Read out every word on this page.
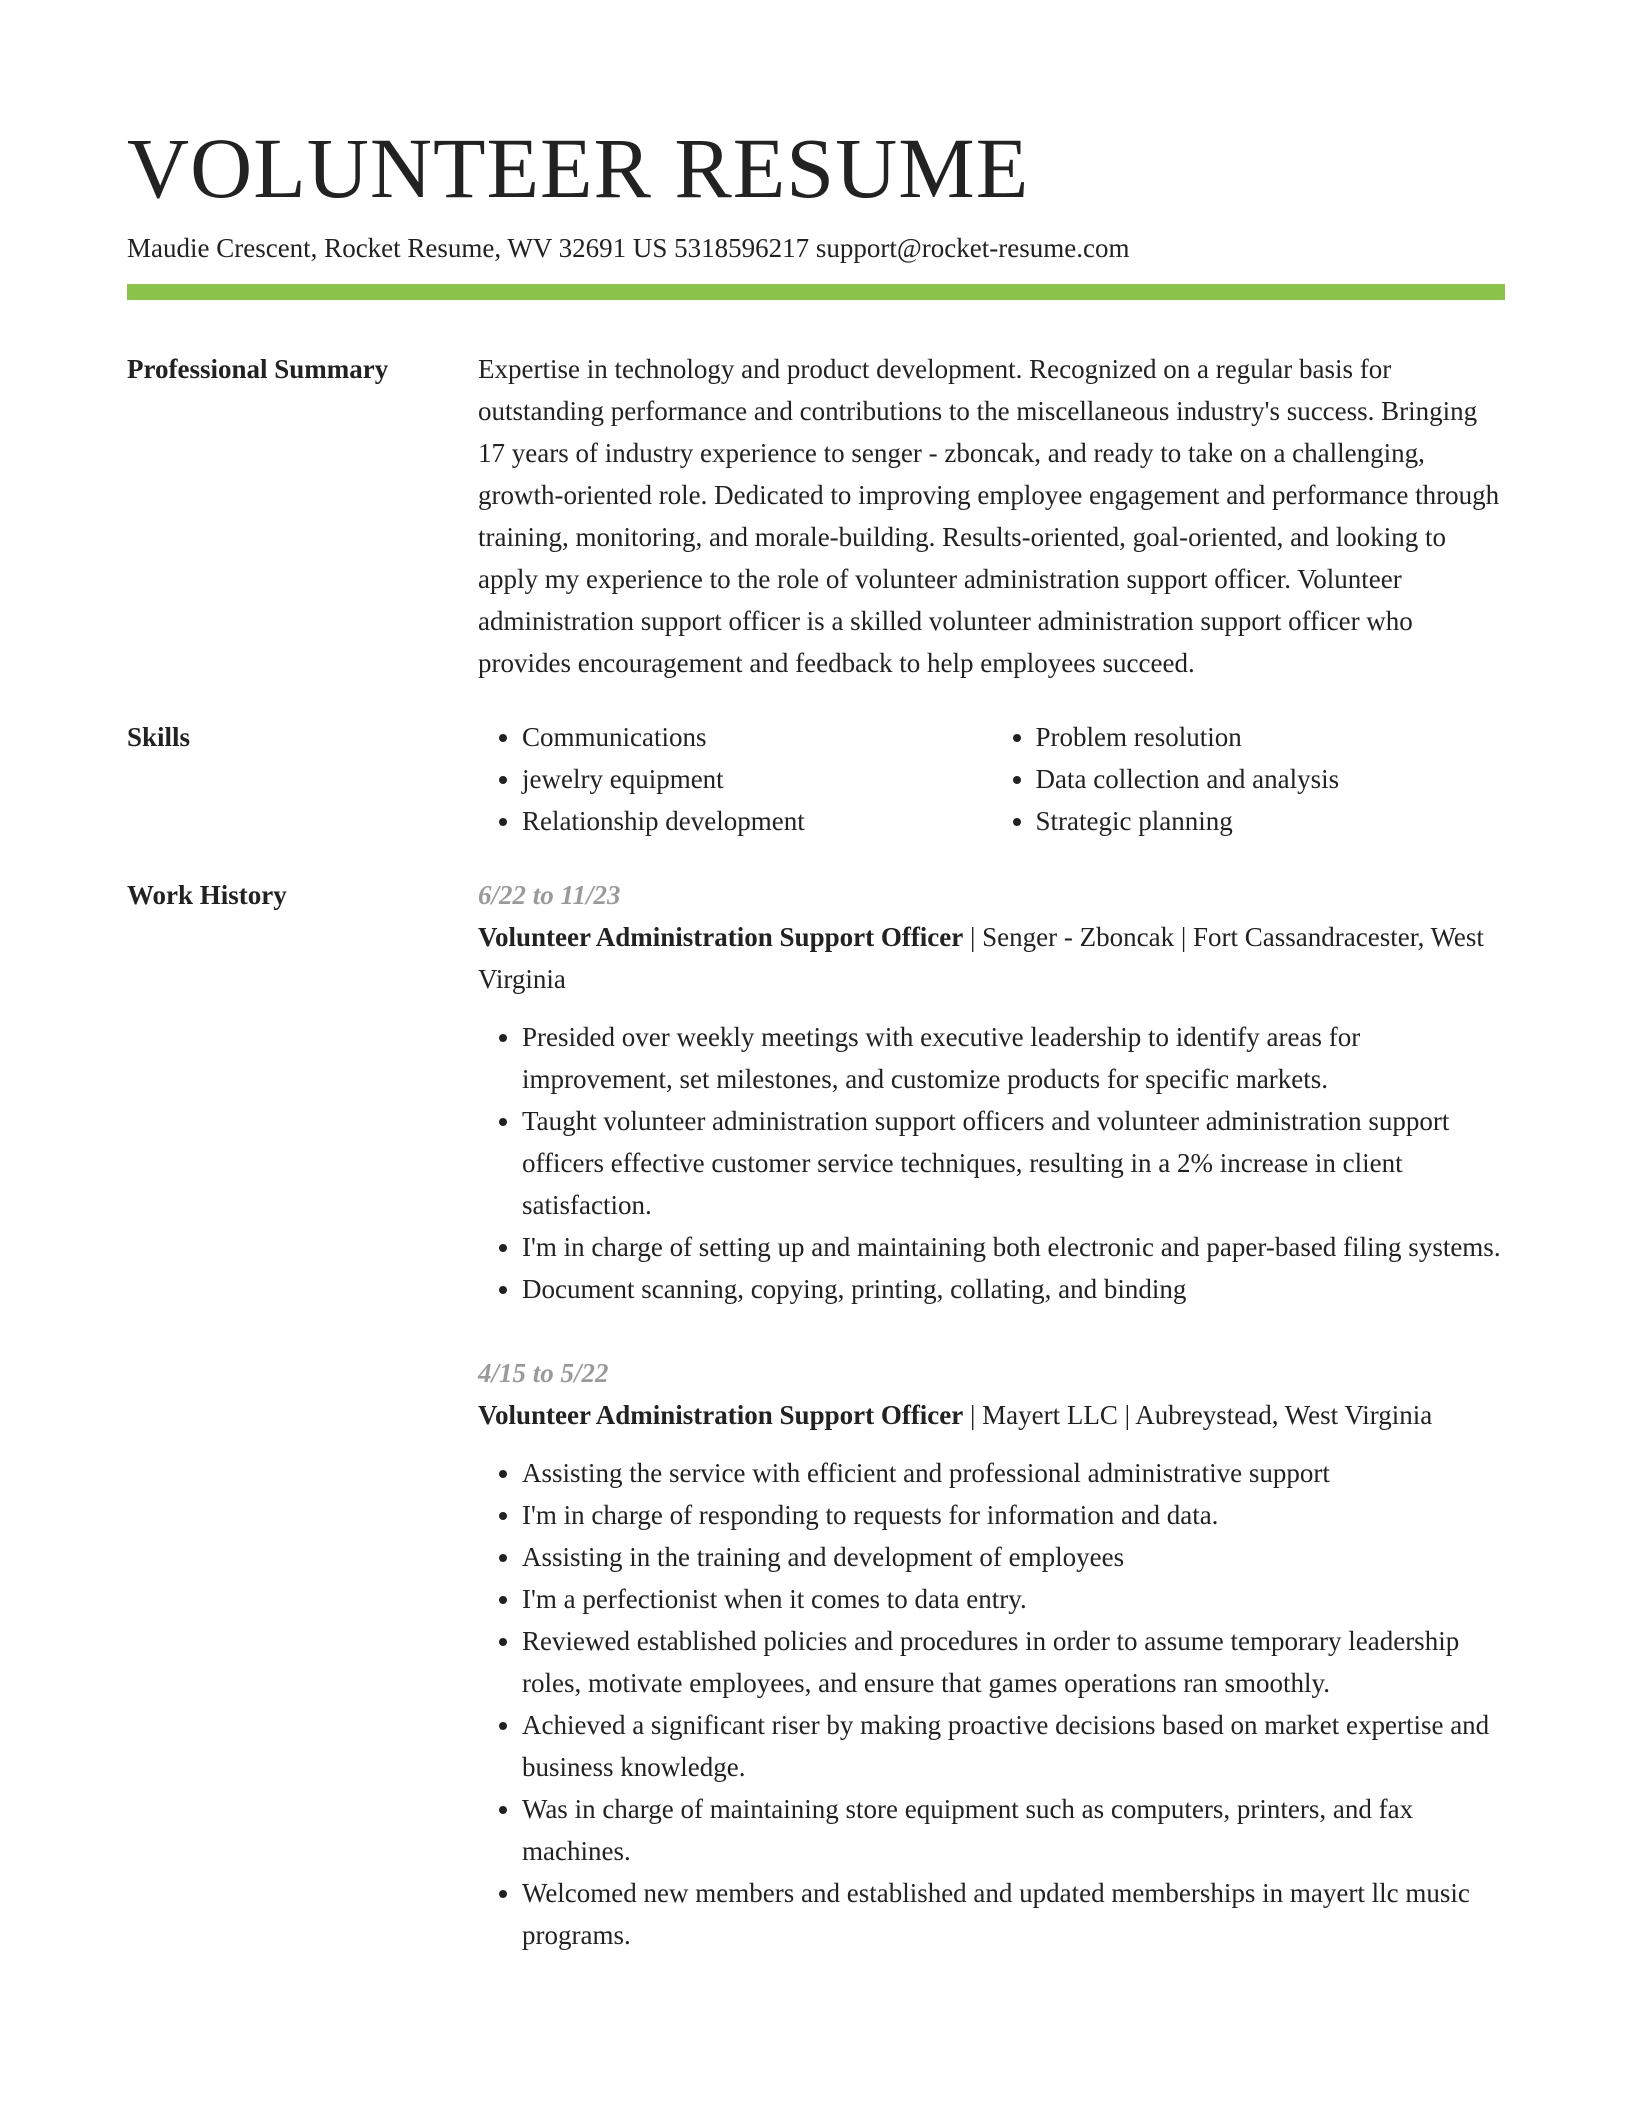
VOLUNTEER RESUME
Maudie Crescent, Rocket Resume, WV 32691 US 5318596217 support@rocket-resume.com
Professional Summary	Expertise in technology and product development. Recognized on a regular basis for outstanding performance and contributions to the miscellaneous industry's success. Bringing 17 years of industry experience to senger - zboncak, and ready to take on a challenging, growth-oriented role. Dedicated to improving employee engagement and performance through training, monitoring, and morale-building. Results-oriented, goal-oriented, and looking to apply my experience to the role of volunteer administration support officer. Volunteer administration support officer is a skilled volunteer administration support officer who provides encouragement and feedback to help employees succeed.

Skills
•	Communications
• jewelry equipment
• Relationship development
• Problem resolution
• Data collection and analysis
• Strategic planning
Work History	6/22 to 11/23

Volunteer Administration Support Officer | Senger - Zboncak | Fort Cassandracester, West Virginia

• Presided over weekly meetings with executive leadership to identify areas for improvement, set milestones, and customize products for specific markets.
• Taught volunteer administration support officers and volunteer administration support officers effective customer service techniques, resulting in a 2% increase in client satisfaction.
• I'm in charge of setting up and maintaining both electronic and paper-based filing systems.
• Document scanning, copying, printing, collating, and binding

4/15 to 5/22

Volunteer Administration Support Officer | Mayert LLC | Aubreystead, West Virginia

• Assisting the service with efficient and professional administrative support
• I'm in charge of responding to requests for information and data.
• Assisting in the training and development of employees
• I'm a perfectionist when it comes to data entry.
• Reviewed established policies and procedures in order to assume temporary leadership roles, motivate employees, and ensure that games operations ran smoothly.
• Achieved a significant riser by making proactive decisions based on market expertise and business knowledge.
• Was in charge of maintaining store equipment such as computers, printers, and fax machines.
• Welcomed new members and established and updated memberships in mayert llc music programs.
